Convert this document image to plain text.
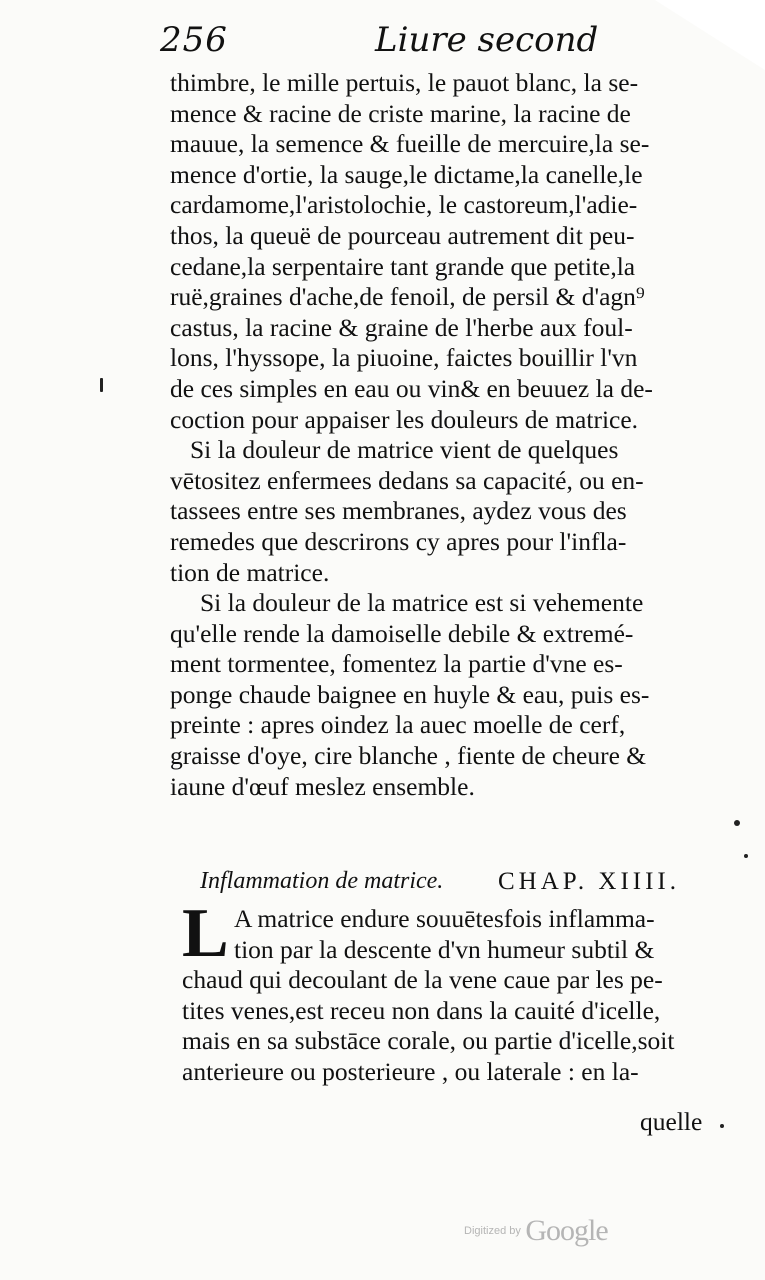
256	Liure second

thimbre, le mille pertuis, le pauot blanc, la se-
mence & racine de criste marine, la racine de
mauue, la semence & fueille de mercuire,la se-
mence d'ortie, la sauge,le dictame,la canelle,le
cardamome,l'aristolochie, le castoreum,l'adie-
thos, la queuë de pourceau autrement dit peu-
cedane,la serpentaire tant grande que petite,la
ruë,graines d'ache,de fenoil, de persil & d'agn⁹
castus, la racine & graine de l'herbe aux foul-
lons, l'hyssope, la piuoine, faictes bouillir l'vn
de ces simples en eau ou vin& en beuuez la de-
coction pour appaiser les douleurs de matrice.

Si la douleur de matrice vient de quelques
vētositez enfermees dedans sa capacité, ou en-
tassees entre ses membranes, aydez vous des
remedes que descrirons cy apres pour l'infla-
tion de matrice.

Si la douleur de la matrice est si vehemente
qu'elle rende la damoiselle debile & extremé-
ment tormentee, fomentez la partie d'vne es-
ponge chaude baignee en huyle & eau, puis es-
preinte : apres oindez la auec moelle de cerf,
graisse d'oye, cire blanche , fiente de cheure &
iaune d'œuf meslez ensemble.

Inflammation de matrice. CHAP. XIIII.
L A matrice endure souuētesfois inflamma-
tion par la descente d'vn humeur subtil &
chaud qui decoulant de la vene caue par les pe-
tites venes,est receu non dans la cauité d'icelle,
mais en sa substāce corale, ou partie d'icelle,soit
anterieure ou posterieure , ou laterale : en la-
quelle
Digitized by Google
